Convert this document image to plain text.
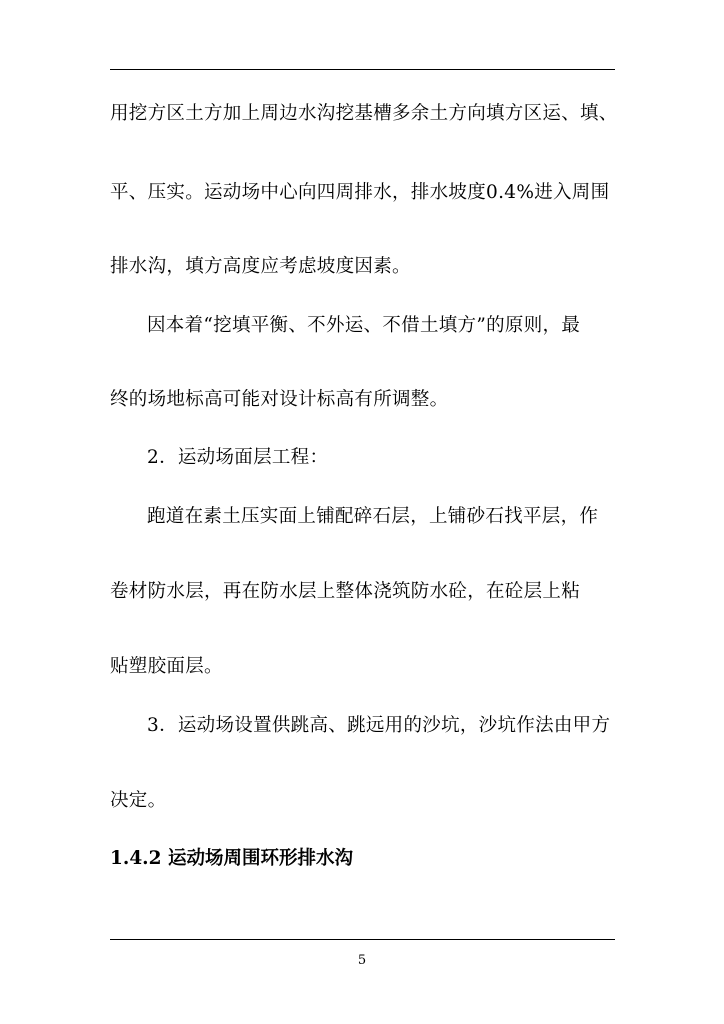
用挖方区土方加上周边水沟挖基槽多余土方向填方区运、填、
平、压实。运动场中心向四周排水，排水坡度0.4%进入周围
排水沟，填方高度应考虑坡度因素。
因本着“挖填平衡、不外运、不借土填方”的原则，最
终的场地标高可能对设计标高有所调整。
2．运动场面层工程：
跑道在素土压实面上铺配碎石层，上铺砂石找平层，作
卷材防水层，再在防水层上整体浇筑防水砼，在砼层上粘
贴塑胶面层。
3．运动场设置供跳高、跳远用的沙坑，沙坑作法由甲方
决定。
1.4.2 运动场周围环形排水沟
5
